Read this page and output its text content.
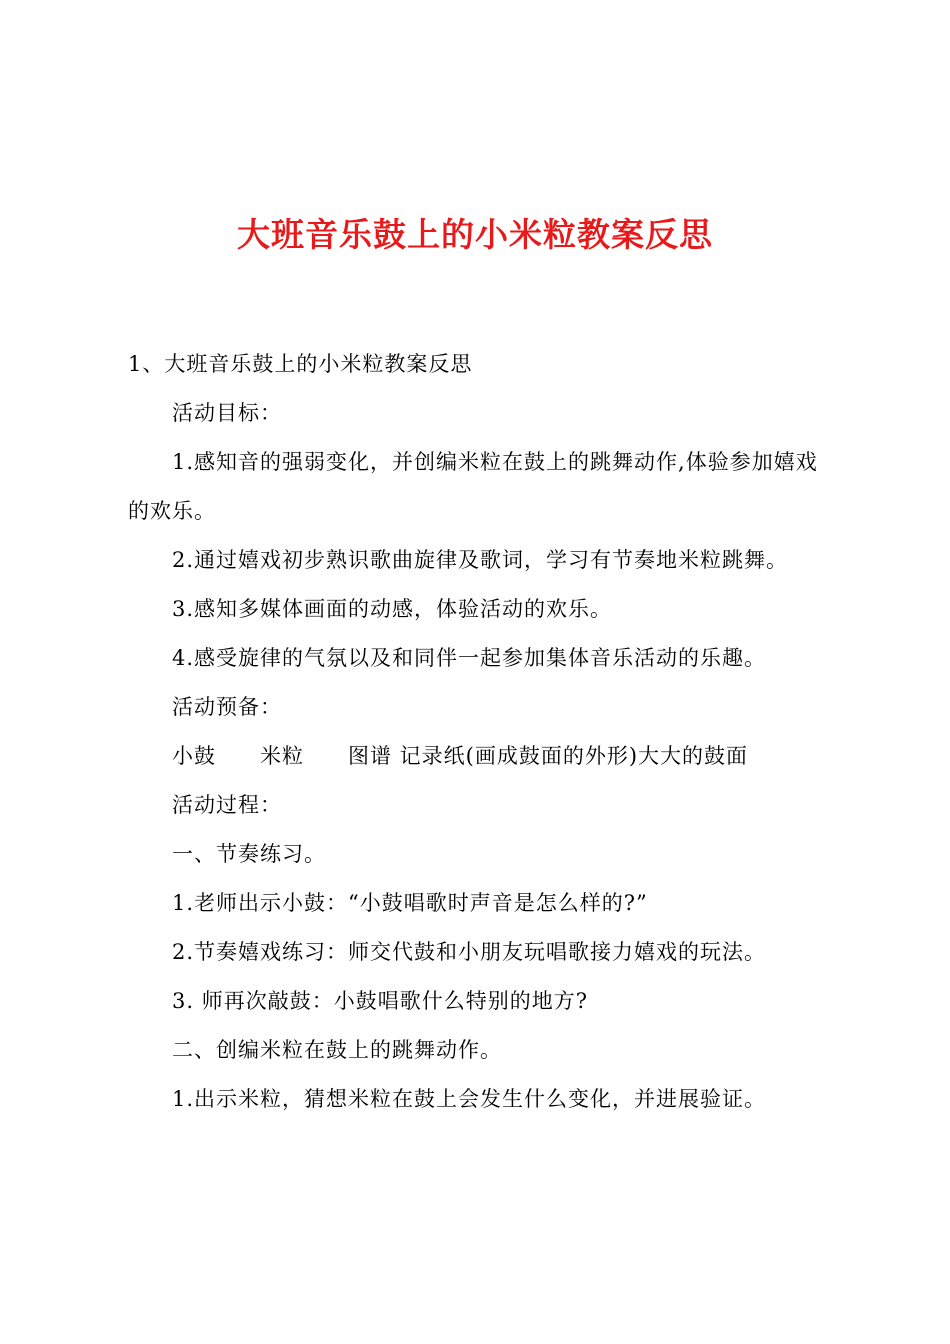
大班音乐鼓上的小米粒教案反思

1、大班音乐鼓上的小米粒教案反思

活动目标：

1.感知音的强弱变化，并创编米粒在鼓上的跳舞动作,体验参加嬉戏的欢乐。

2.通过嬉戏初步熟识歌曲旋律及歌词，学习有节奏地米粒跳舞。

3.感知多媒体画面的动感，体验活动的欢乐。

4.感受旋律的气氛以及和同伴一起参加集体音乐活动的乐趣。

活动预备：

小鼓　　米粒　　图谱 记录纸(画成鼓面的外形)大大的鼓面

活动过程：

一、节奏练习。

1.老师出示小鼓：“小鼓唱歌时声音是怎么样的?”

2.节奏嬉戏练习：师交代鼓和小朋友玩唱歌接力嬉戏的玩法。

3. 师再次敲鼓：小鼓唱歌什么特别的地方?

二、创编米粒在鼓上的跳舞动作。

1.出示米粒，猜想米粒在鼓上会发生什么变化，并进展验证。
